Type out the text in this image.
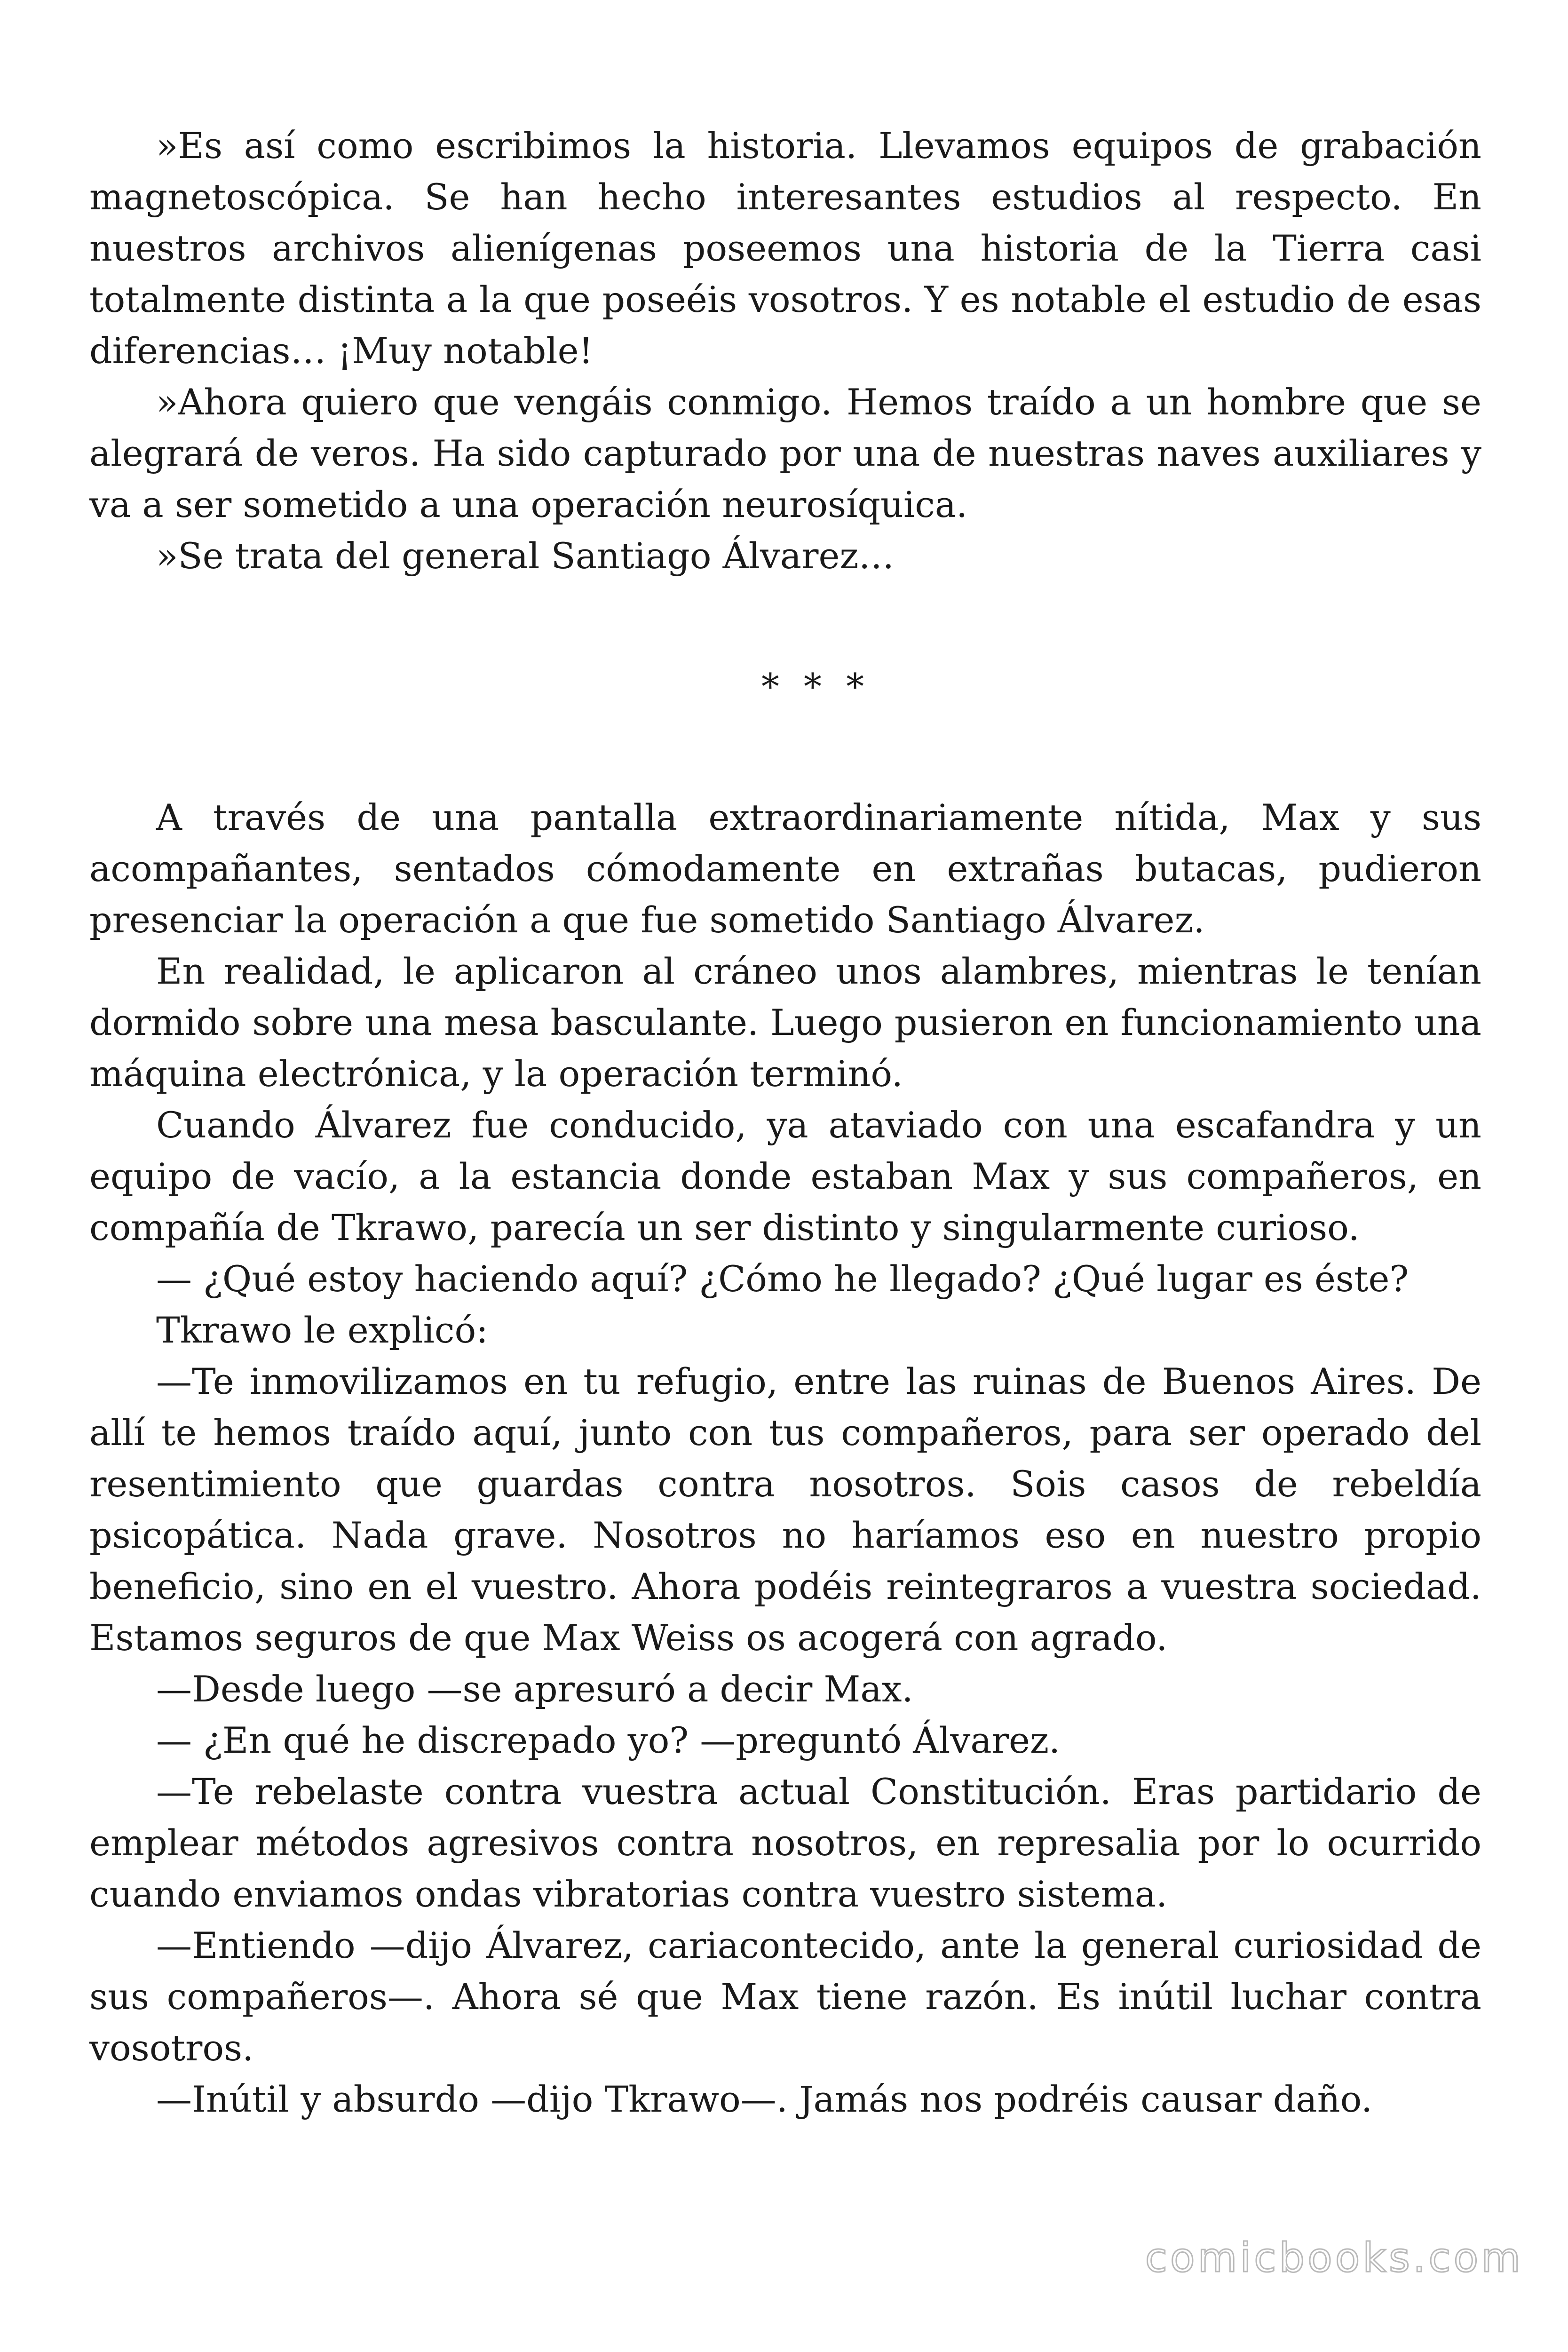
»Es así como escribimos la historia. Llevamos equipos de grabación magnetoscópica. Se han hecho interesantes estudios al respecto. En nuestros archivos alienígenas poseemos una historia de la Tierra casi totalmente distinta a la que poseéis vosotros. Y es notable el estudio de esas diferencias… ¡Muy notable!

»Ahora quiero que vengáis conmigo. Hemos traído a un hombre que se alegrará de veros. Ha sido capturado por una de nuestras naves auxiliares y va a ser sometido a una operación neurosíquica.

»Se trata del general Santiago Álvarez…

* * *

A través de una pantalla extraordinariamente nítida, Max y sus acompañantes, sentados cómodamente en extrañas butacas, pudieron presenciar la operación a que fue sometido Santiago Álvarez.

En realidad, le aplicaron al cráneo unos alambres, mientras le tenían dormido sobre una mesa basculante. Luego pusieron en funcionamiento una máquina electrónica, y la operación terminó.

Cuando Álvarez fue conducido, ya ataviado con una escafandra y un equipo de vacío, a la estancia donde estaban Max y sus compañeros, en compañía de Tkrawo, parecía un ser distinto y singularmente curioso.

— ¿Qué estoy haciendo aquí? ¿Cómo he llegado? ¿Qué lugar es éste?

Tkrawo le explicó:

—Te inmovilizamos en tu refugio, entre las ruinas de Buenos Aires. De allí te hemos traído aquí, junto con tus compañeros, para ser operado del resentimiento que guardas contra nosotros. Sois casos de rebeldía psicopática. Nada grave. Nosotros no haríamos eso en nuestro propio beneficio, sino en el vuestro. Ahora podéis reintegraros a vuestra sociedad. Estamos seguros de que Max Weiss os acogerá con agrado.

—Desde luego —se apresuró a decir Max.

— ¿En qué he discrepado yo? —preguntó Álvarez.

—Te rebelaste contra vuestra actual Constitución. Eras partidario de emplear métodos agresivos contra nosotros, en represalia por lo ocurrido cuando enviamos ondas vibratorias contra vuestro sistema.

—Entiendo —dijo Álvarez, cariacontecido, ante la general curiosidad de sus compañeros—. Ahora sé que Max tiene razón. Es inútil luchar contra vosotros.

—Inútil y absurdo —dijo Tkrawo—. Jamás nos podréis causar daño.

comicbooks.com
